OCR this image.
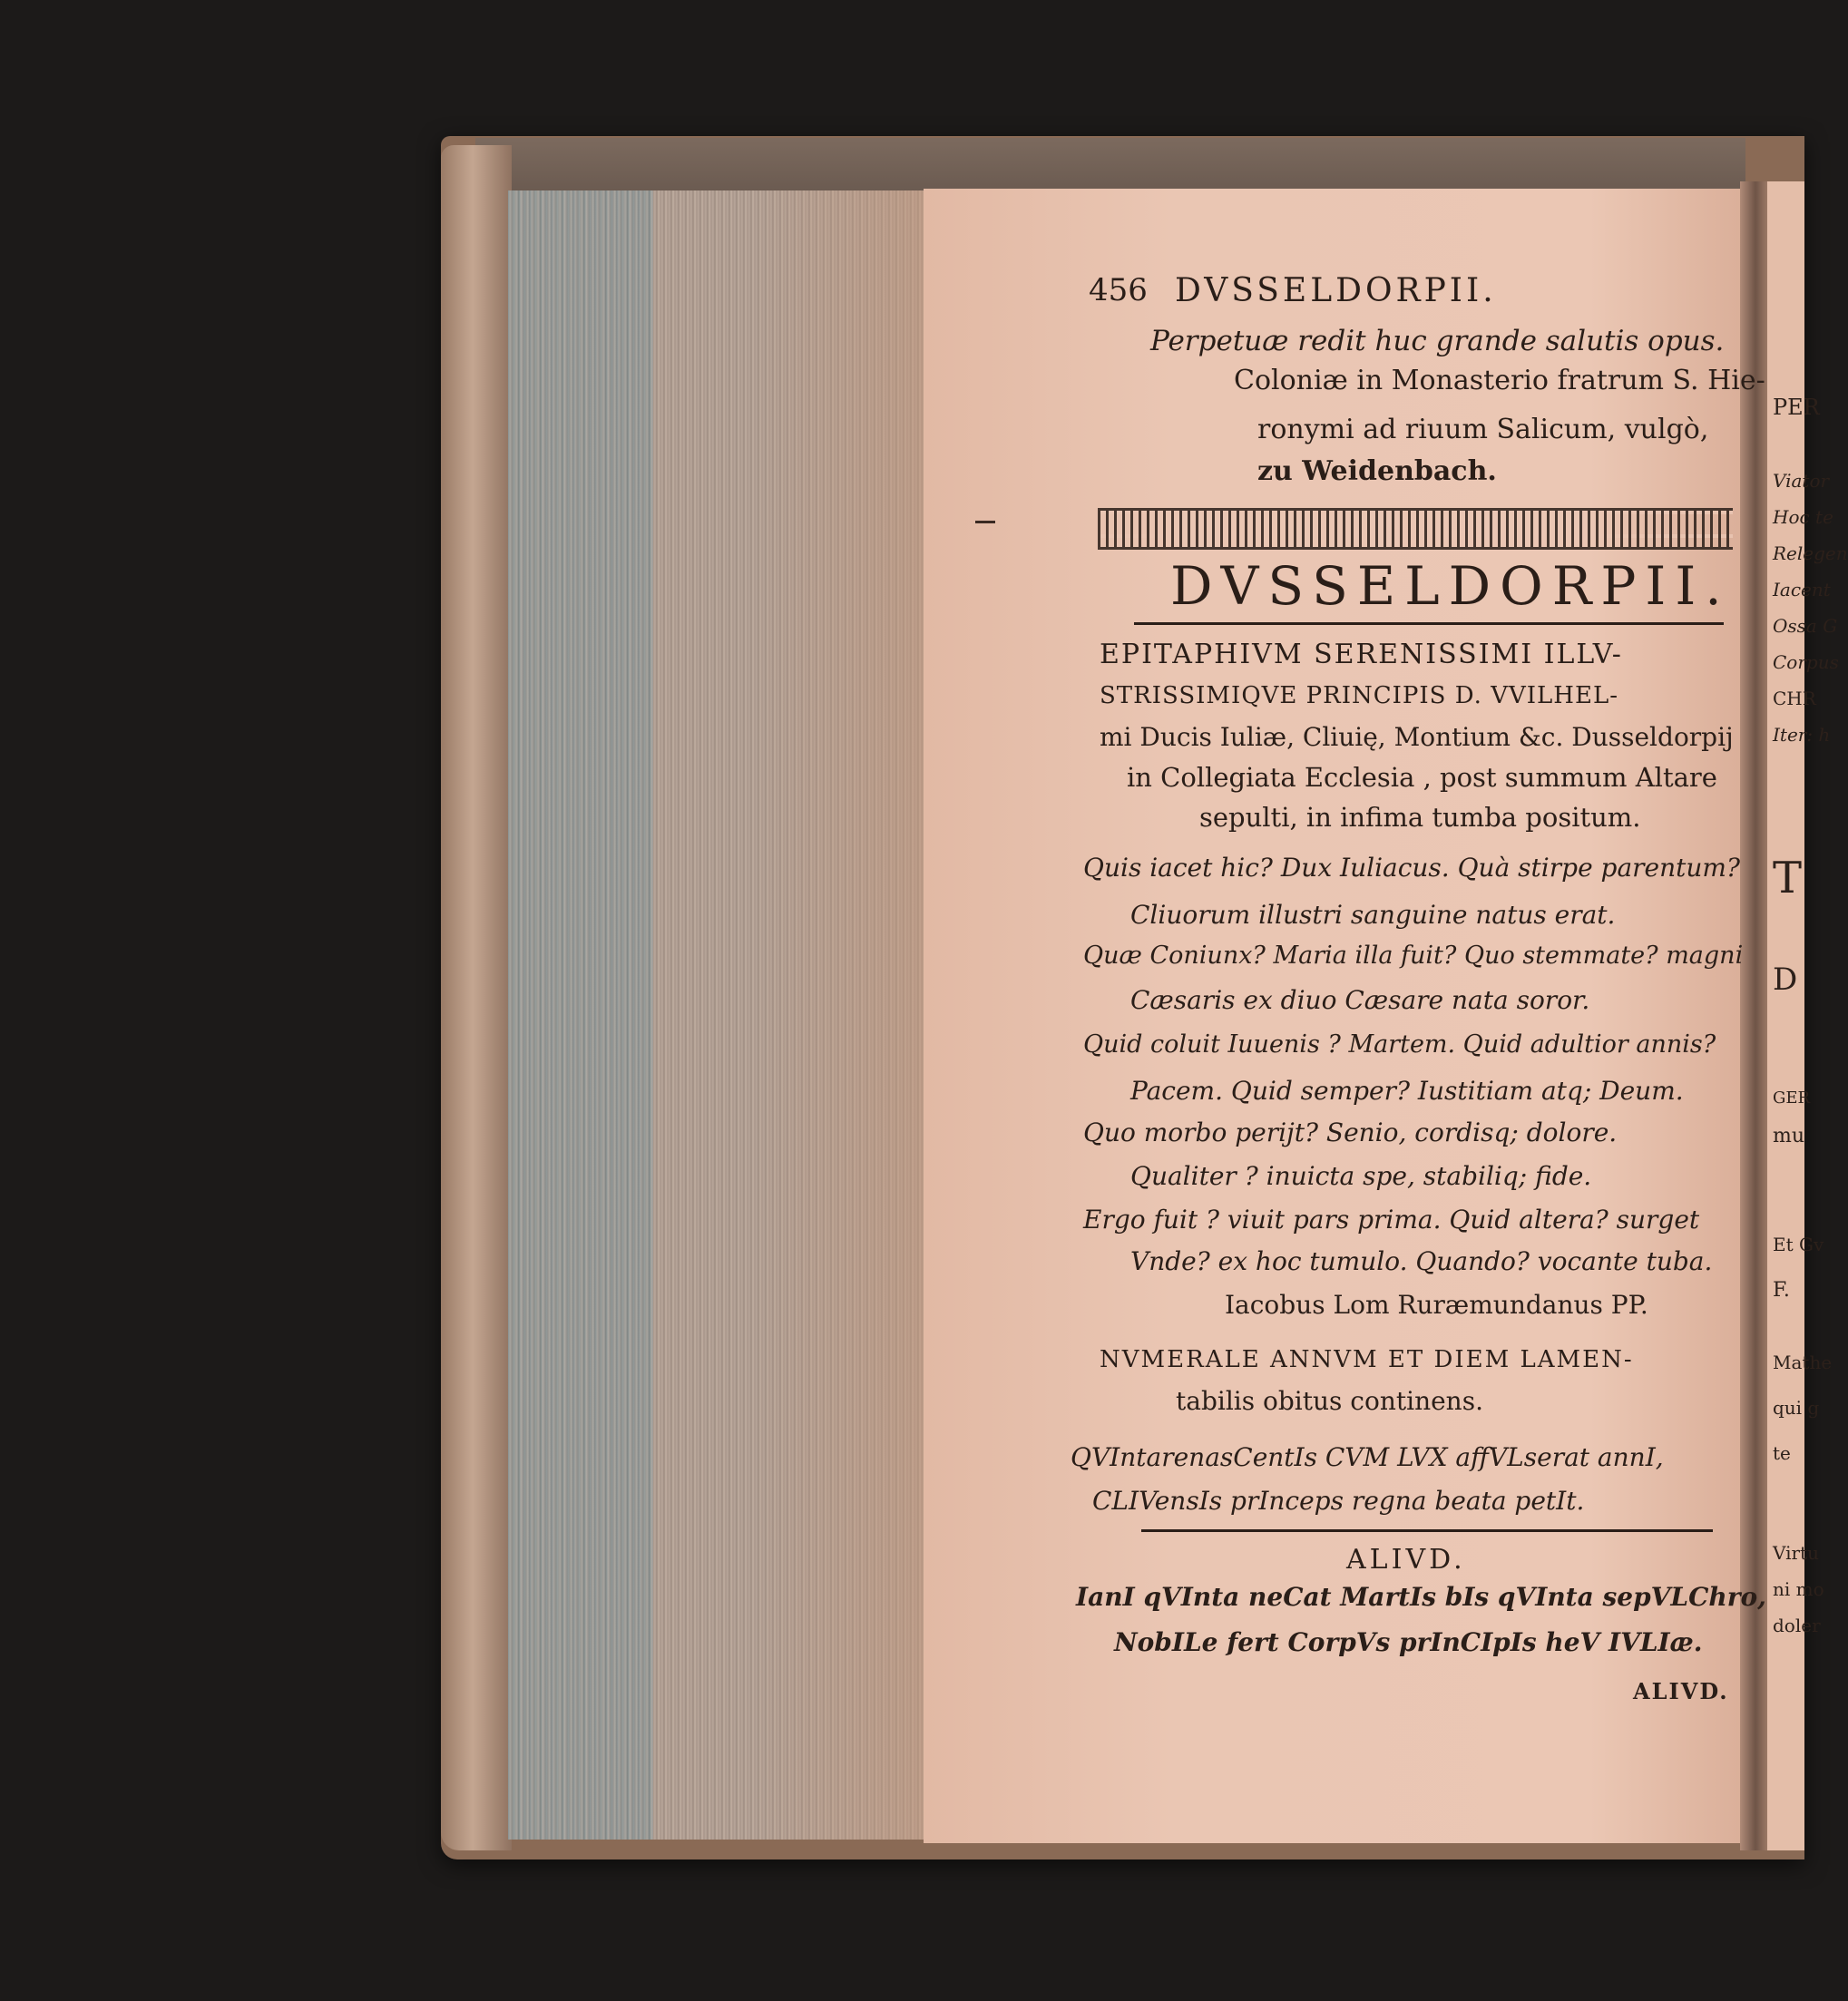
PER
Viator
Hoc te
Relegen
Iacent
Ossa G
Corpus
CHR
Iter: h
T
D
GER
mu
Et Gv
F.
Mathe
qui g
te
Virtu
ni mo
doler
456 DVSSELDORPII.
Perpetuæ redit huc grande salutis opus.
Coloniæ in Monasterio fratrum S. Hie-
ronymi ad riuum Salicum, vulgò,
zu Weidenbach.
DVSSELDORPII.
EPITAPHIVM SERENISSIMI ILLV-
STRISSIMIQVE PRINCIPIS D. VVILHEL-
mi Ducis Iuliæ, Cliuię, Montium &c. Dusseldorpij
in Collegiata Ecclesia , post summum Altare
sepulti, in infima tumba positum.
Quis iacet hic? Dux Iuliacus. Quà stirpe parentum?
Cliuorum illustri sanguine natus erat.
Quæ Coniunx? Maria illa fuit? Quo stemmate? magni
Cæsaris ex diuo Cæsare nata soror.
Quid coluit Iuuenis ? Martem. Quid adultior annis?
Pacem. Quid semper? Iustitiam atq; Deum.
Quo morbo periјt? Senio, cordisq; dolore.
Qualiter ? inuicta spe, stabiliq; fide.
Ergo fuit ? viuit pars prima. Quid altera? surget
Vnde? ex hoc tumulo. Quando? vocante tuba.
Iacobus Lom Ruræmundanus PP.
NVMERALE ANNVM ET DIEM LAMEN-
tabilis obitus continens.
QVIntarenasCentIs CVM LVX affVLserat annI,
CLIVensIs prInceps regna beata petIt.
ALIVD.
IanI qVInta neCat MartIs bIs qVInta sepVLChro,
NobILe fert CorpVs prInCIpIs heV IVLIæ.
ALIVD.
